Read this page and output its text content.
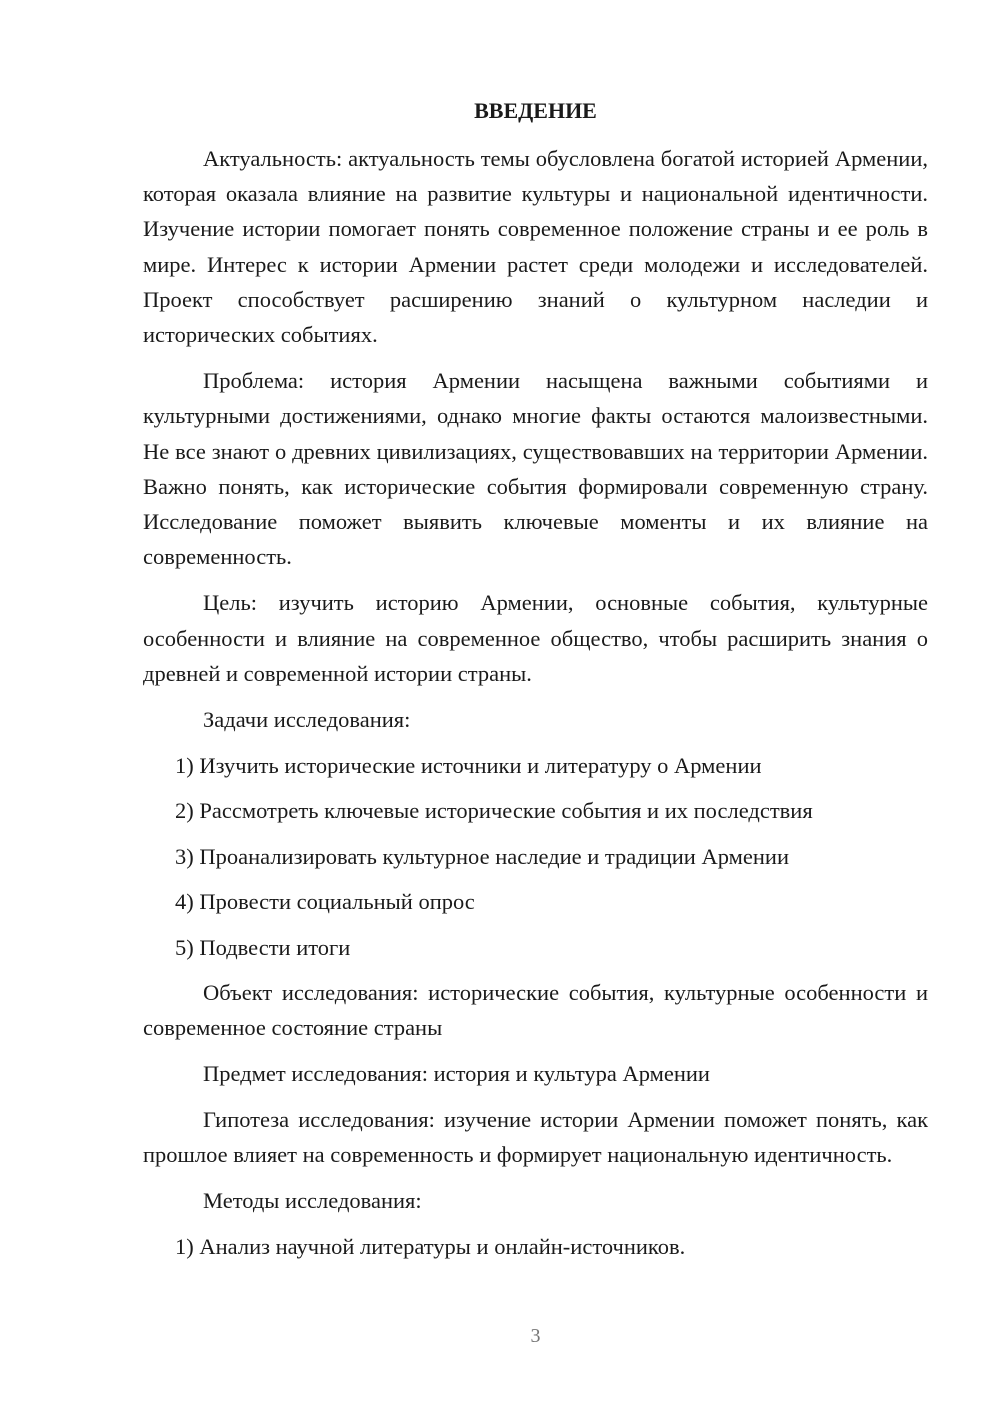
ВВЕДЕНИЕ

Актуальность: актуальность темы обусловлена богатой историей Армении, которая оказала влияние на развитие культуры и национальной идентичности. Изучение истории помогает понять современное положение страны и ее роль в мире. Интерес к истории Армении растет среди молодежи и исследователей. Проект способствует расширению знаний о культурном наследии и исторических событиях.

Проблема: история Армении насыщена важными событиями и культурными достижениями, однако многие факты остаются малоизвестными. Не все знают о древних цивилизациях, существовавших на территории Армении. Важно понять, как исторические события формировали современную страну. Исследование поможет выявить ключевые моменты и их влияние на современность.

Цель: изучить историю Армении, основные события, культурные особенности и влияние на современное общество, чтобы расширить знания о древней и современной истории страны.

Задачи исследования:

1) Изучить исторические источники и литературу о Армении

2) Рассмотреть ключевые исторические события и их последствия

3) Проанализировать культурное наследие и традиции Армении

4) Провести социальный опрос

5) Подвести итоги

Объект исследования: исторические события, культурные особенности и современное состояние страны

Предмет исследования: история и культура Армении

Гипотеза исследования: изучение истории Армении поможет понять, как прошлое влияет на современность и формирует национальную идентичность.

Методы исследования:

1) Анализ научной литературы и онлайн-источников.

3
